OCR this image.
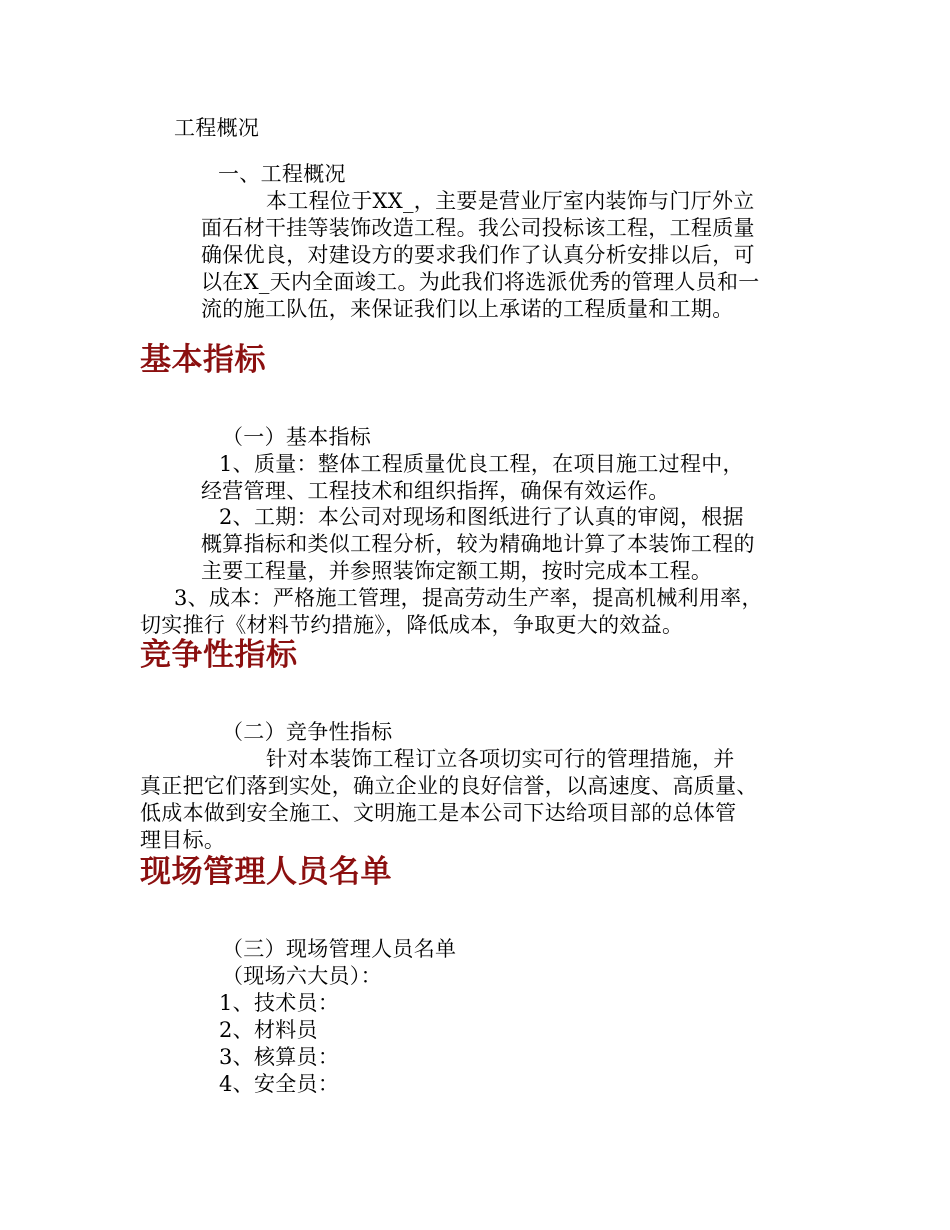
工程概况
一、工程概况
本工程位于XX_，主要是营业厅室内装饰与门厅外立
面石材干挂等装饰改造工程。我公司投标该工程，工程质量
确保优良，对建设方的要求我们作了认真分析安排以后，可
以在X_天内全面竣工。为此我们将选派优秀的管理人员和一
流的施工队伍，来保证我们以上承诺的工程质量和工期。
基本指标
（一）基本指标
1、质量：整体工程质量优良工程，在项目施工过程中，
经营管理、工程技术和组织指挥，确保有效运作。
2、工期：本公司对现场和图纸进行了认真的审阅，根据
概算指标和类似工程分析，较为精确地计算了本装饰工程的
主要工程量，并参照装饰定额工期，按时完成本工程。
3、成本：严格施工管理，提高劳动生产率，提高机械利用率，
切实推行《材料节约措施》，降低成本，争取更大的效益。
竞争性指标
（二）竞争性指标
针对本装饰工程订立各项切实可行的管理措施，并
真正把它们落到实处，确立企业的良好信誉，以高速度、高质量、
低成本做到安全施工、文明施工是本公司下达给项目部的总体管
理目标。
现场管理人员名单
（三）现场管理人员名单
（现场六大员）：
1、技术员：
2、材料员
3、核算员：
4、安全员：
